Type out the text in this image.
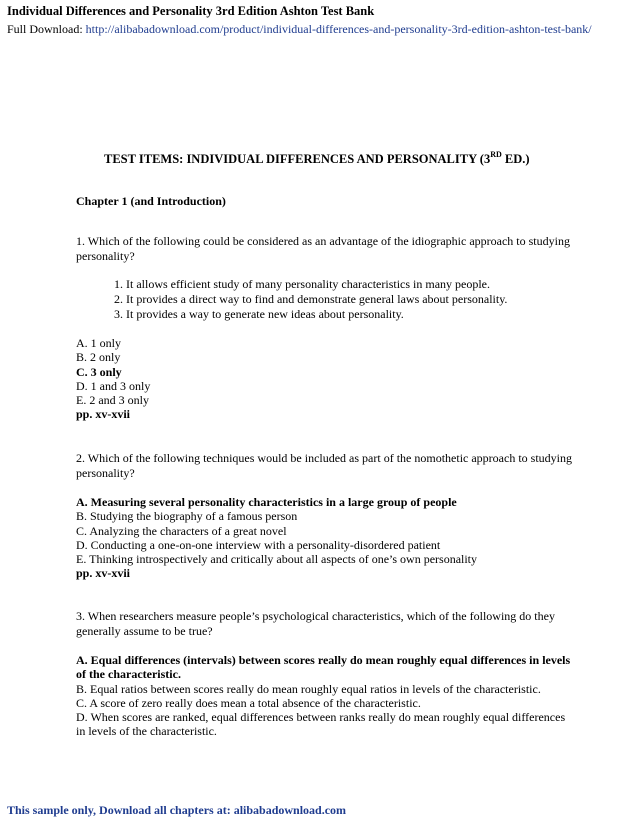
Individual Differences and Personality 3rd Edition Ashton Test Bank
Full Download: http://alibabadownload.com/product/individual-differences-and-personality-3rd-edition-ashton-test-bank/
TEST ITEMS: INDIVIDUAL DIFFERENCES AND PERSONALITY (3RD ED.)
Chapter 1 (and Introduction)

1. Which of the following could be considered as an advantage of the idiographic approach to studying personality?

1. It allows efficient study of many personality characteristics in many people.
2. It provides a direct way to find and demonstrate general laws about personality.
3. It provides a way to generate new ideas about personality.
A. 1 only
B. 2 only
C. 3 only
D. 1 and 3 only
E. 2 and 3 only
pp. xv-xvii

2. Which of the following techniques would be included as part of the nomothetic approach to studying personality?

A. Measuring several personality characteristics in a large group of people
B. Studying the biography of a famous person
C. Analyzing the characters of a great novel
D. Conducting a one-on-one interview with a personality-disordered patient
E. Thinking introspectively and critically about all aspects of one’s own personality
pp. xv-xvii

3. When researchers measure people’s psychological characteristics, which of the following do they generally assume to be true?

A. Equal differences (intervals) between scores really do mean roughly equal differences in levels of the characteristic.
B. Equal ratios between scores really do mean roughly equal ratios in levels of the characteristic.
C. A score of zero really does mean a total absence of the characteristic.
D. When scores are ranked, equal differences between ranks really do mean roughly equal differences in levels of the characteristic.
This sample only, Download all chapters at: alibabadownload.com
